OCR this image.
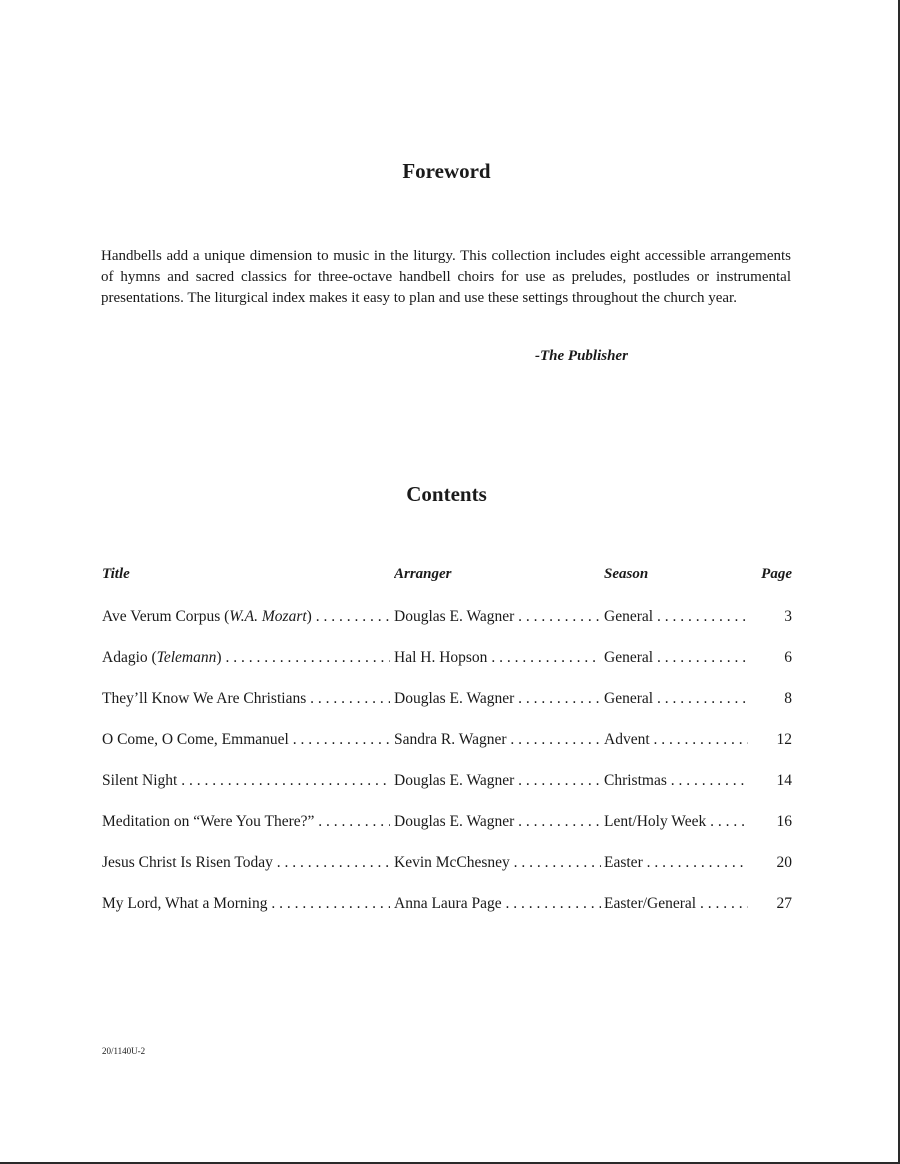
Foreword

Handbells add a unique dimension to music in the liturgy. This collection includes eight accessible arrangements of hymns and sacred classics for three-octave handbell choirs for use as preludes, postludes or instrumental presentations. The liturgical index makes it easy to plan and use these settings throughout the church year.

-The Publisher

Contents
Title	Arranger	Season	Page
Ave Verum Corpus (W.A. Mozart) . . .	Douglas E. Wagner . . .	General . . .	3
Adagio (Telemann) . . .	Hal H. Hopson . . .	General . . .	6
They’ll Know We Are Christians . . .	Douglas E. Wagner . . .	General . . .	8
O Come, O Come, Emmanuel . . .	Sandra R. Wagner . . .	Advent . . .	12
Silent Night . . .	Douglas E. Wagner . . .	Christmas . . .	14
Meditation on “Were You There?” . . .	Douglas E. Wagner . . .	Lent/Holy Week . . .	16
Jesus Christ Is Risen Today . . .	Kevin McChesney . . .	Easter . . .	20
My Lord, What a Morning . . .	Anna Laura Page . . .	Easter/General . . .	27

20/1140U-2
